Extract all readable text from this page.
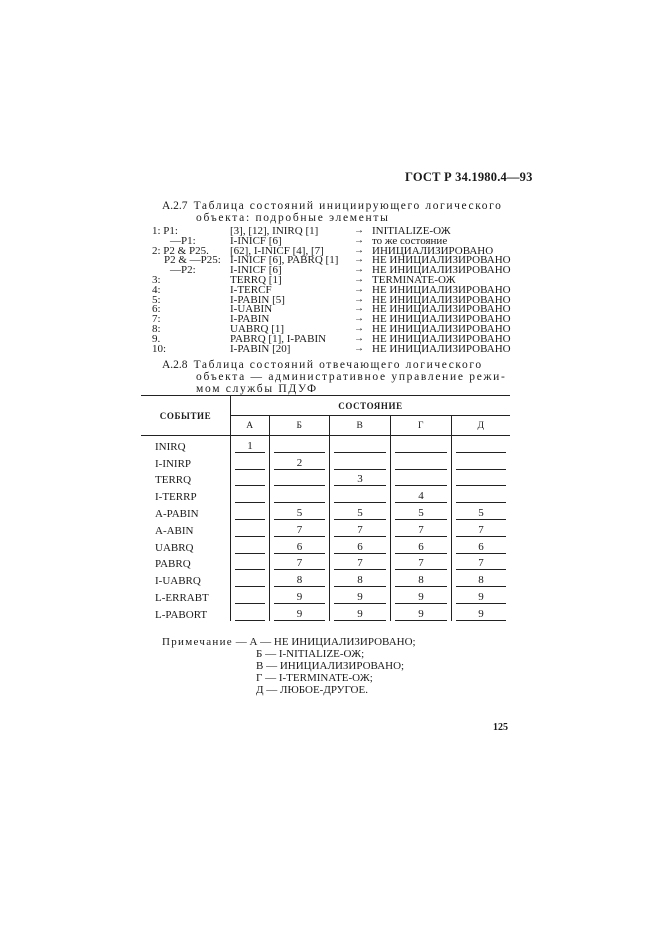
ГОСТ Р 34.1980.4—93
А.2.7 Таблица состояний инициирующего логического
объекта: подробные элементы
1: P1:	[3], [12], INIRQ [1]	→ INITIALIZE-ОЖ
—P1:	I-INICF [6]	→ то же состояние
2: P2 & P25. [62], I-INICF [4], [7]	→ ИНИЦИАЛИЗИРОВАНО
P2 & —P25: I-INICF [6], PABRQ [1] → НЕ ИНИЦИАЛИЗИРОВАНО
—P2:	I-INICF [6]	→ НЕ ИНИЦИАЛИЗИРОВАНО
3:	TERRQ [1]	→ TERMINATE-ОЖ
4:	I-TERCF	→ НЕ ИНИЦИАЛИЗИРОВАНО
5:	I-PABIN [5]	→ НЕ ИНИЦИАЛИЗИРОВАНО
6:	I-UABIN	→ НЕ ИНИЦИАЛИЗИРОВАНО
7:	I-PABIN	→ НЕ ИНИЦИАЛИЗИРОВАНО
8:	UABRQ [1]	→ НЕ ИНИЦИАЛИЗИРОВАНО
9.	PABRQ [1], I-PABIN	→ НЕ ИНИЦИАЛИЗИРОВАНО
10:	I-PABIN [20]	→ НЕ ИНИЦИАЛИЗИРОВАНО
А.2.8 Таблица состояний отвечающего логического
объекта — административное управление режи-
мом службы ПДУФ
СОБЫТИЕ	СОСТОЯНИЕ				
	А	Б	В	Г	Д
INIRQ	1				

I-INIRP		2			

TERRQ			3		

I-TERRP				4	

A-PABIN		5	5	5	5

A-ABIN		7	7	7	7

UABRQ		6	6	6	6

PABRQ		7	7	7	7

I-UABRQ		8	8	8	8

L-ERRABT		9	9	9	9

L-PABORT		9	9	9	9
Примечание — А — НЕ ИНИЦИАЛИЗИРОВАНО;
Б — I-NITIALIZE-ОЖ;
В — ИНИЦИАЛИЗИРОВАНО;
Г — I-TERMINATE-ОЖ;
Д — ЛЮБОЕ-ДРУГОЕ.
125
